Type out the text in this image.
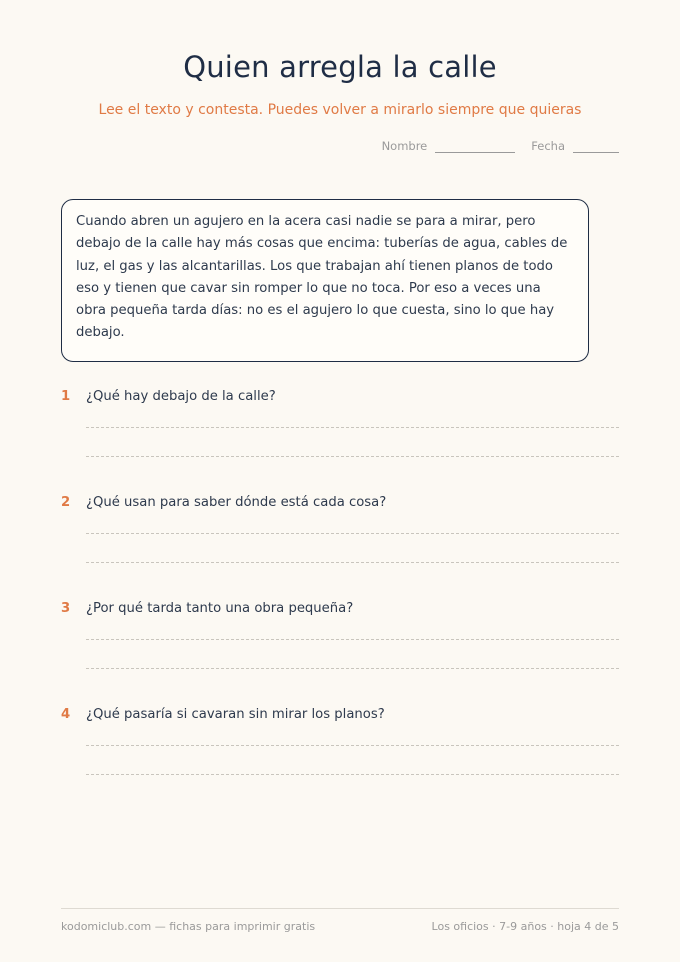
Quien arregla la calle
Lee el texto y contesta. Puedes volver a mirarlo siempre que quieras
Nombre	Fecha
Cuando abren un agujero en la acera casi nadie se para a mirar, pero debajo de la calle hay más cosas que encima: tuberías de agua, cables de luz, el gas y las alcantarillas. Los que trabajan ahí tienen planos de todo eso y tienen que cavar sin romper lo que no toca. Por eso a veces una obra pequeña tarda días: no es el agujero lo que cuesta, sino lo que hay debajo.
1	¿Qué hay debajo de la calle?
2	¿Qué usan para saber dónde está cada cosa?
3	¿Por qué tarda tanto una obra pequeña?
4	¿Qué pasaría si cavaran sin mirar los planos?
kodomiclub.com — fichas para imprimir gratis	Los oficios · 7-9 años · hoja 4 de 5
